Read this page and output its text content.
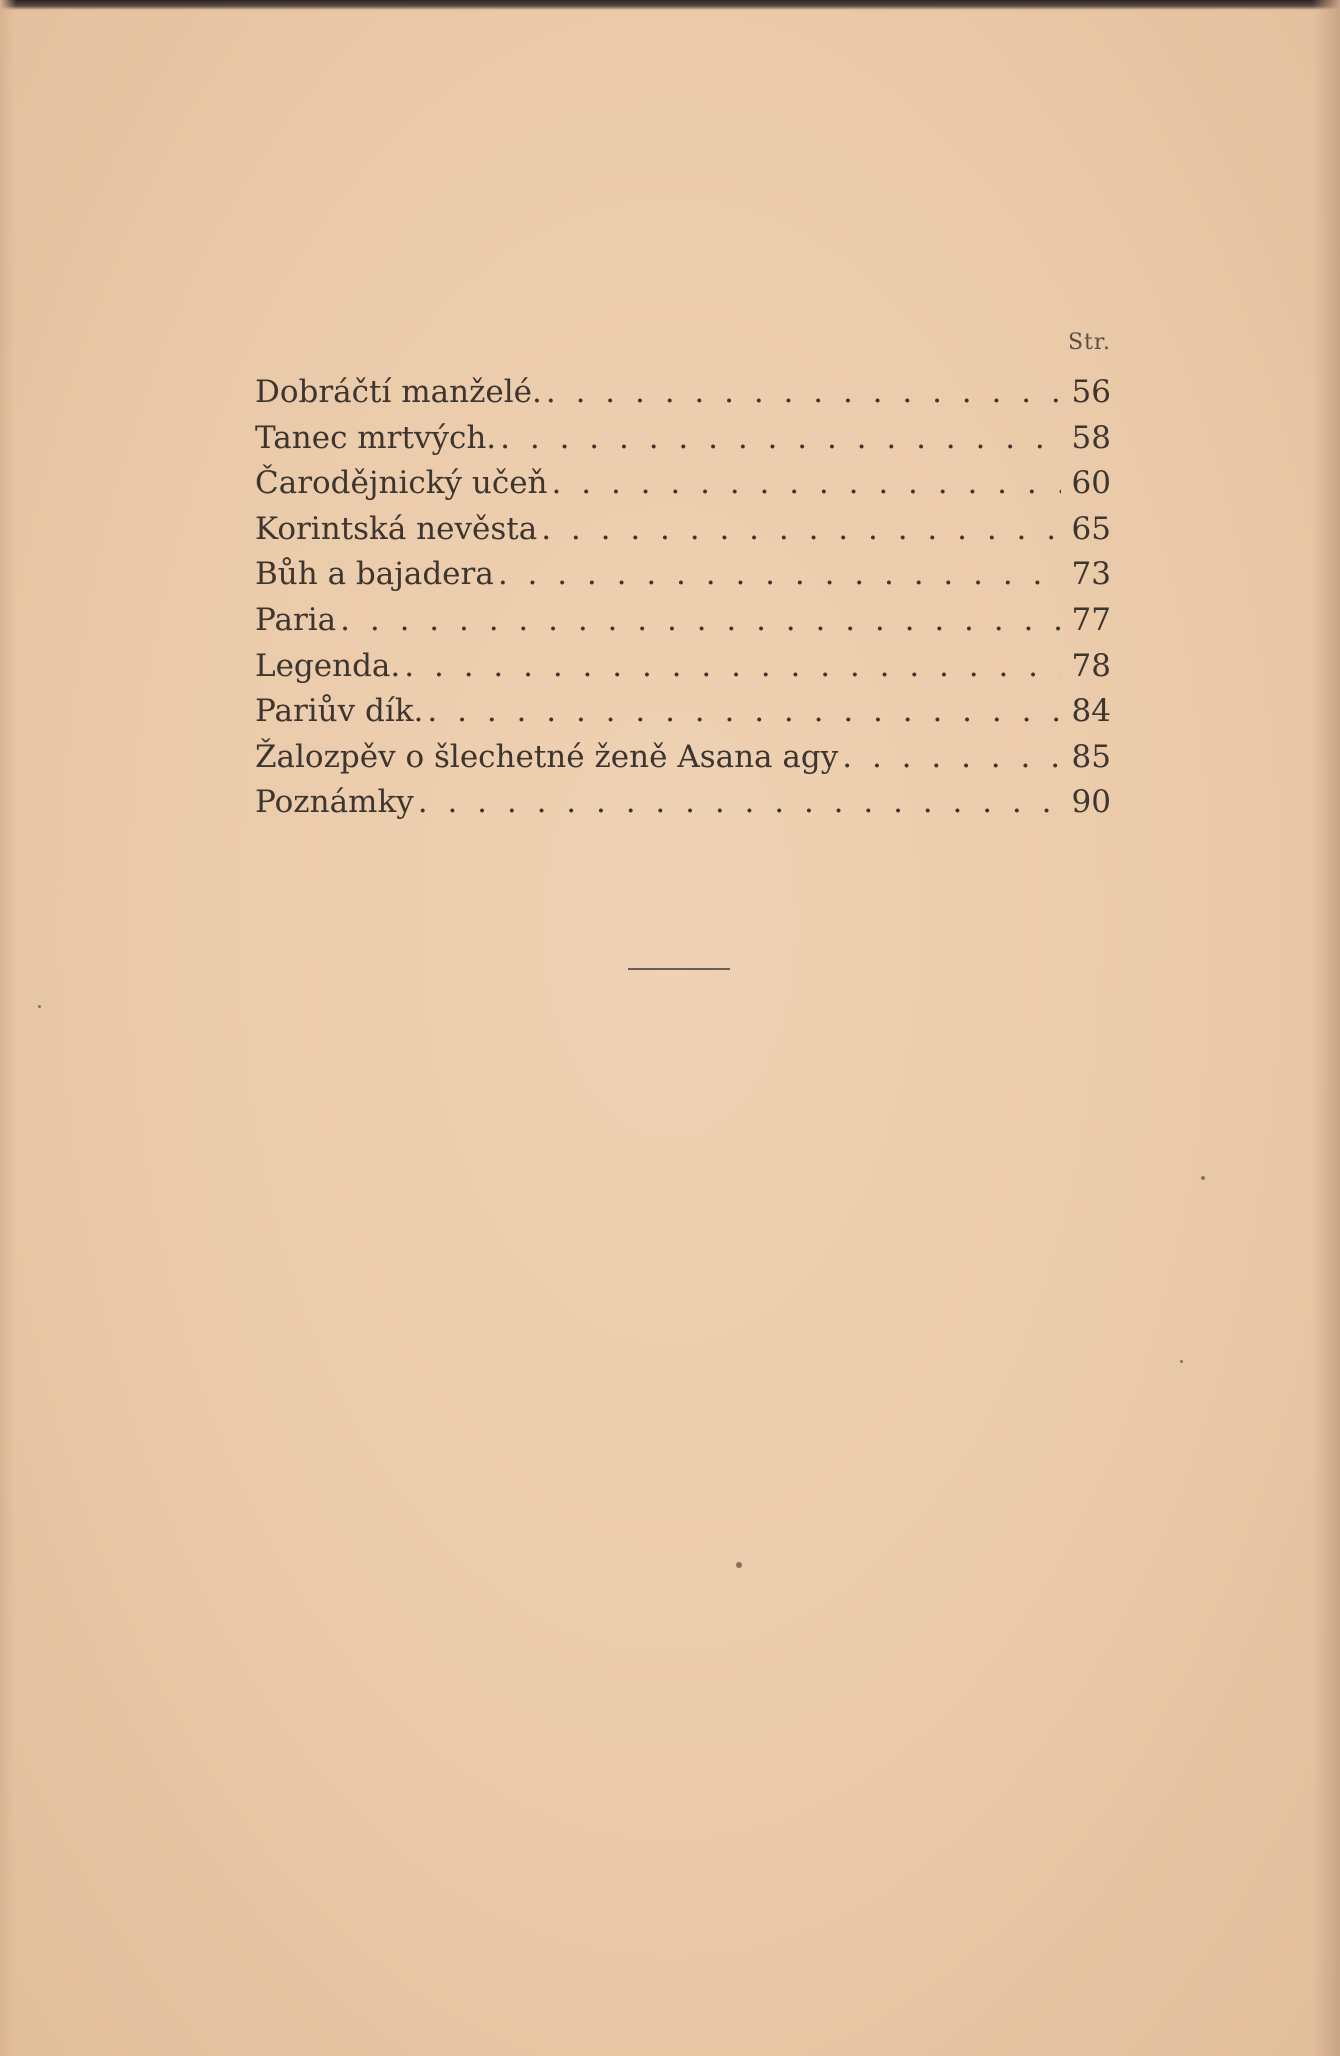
Str.
Dobráčtí manželé. . . .	56
Tanec mrtvých. . . .	58
Čarodějnický učeň . . .	60
Korintská nevěsta . . .	65
Bůh a bajadera . . .	73
Paria . . .	77
Legenda. . . .	78
Pariův dík. . . .	84
Žalozpěv o šlechetné ženě Asana agy . . .	85
Poznámky . . .	90
